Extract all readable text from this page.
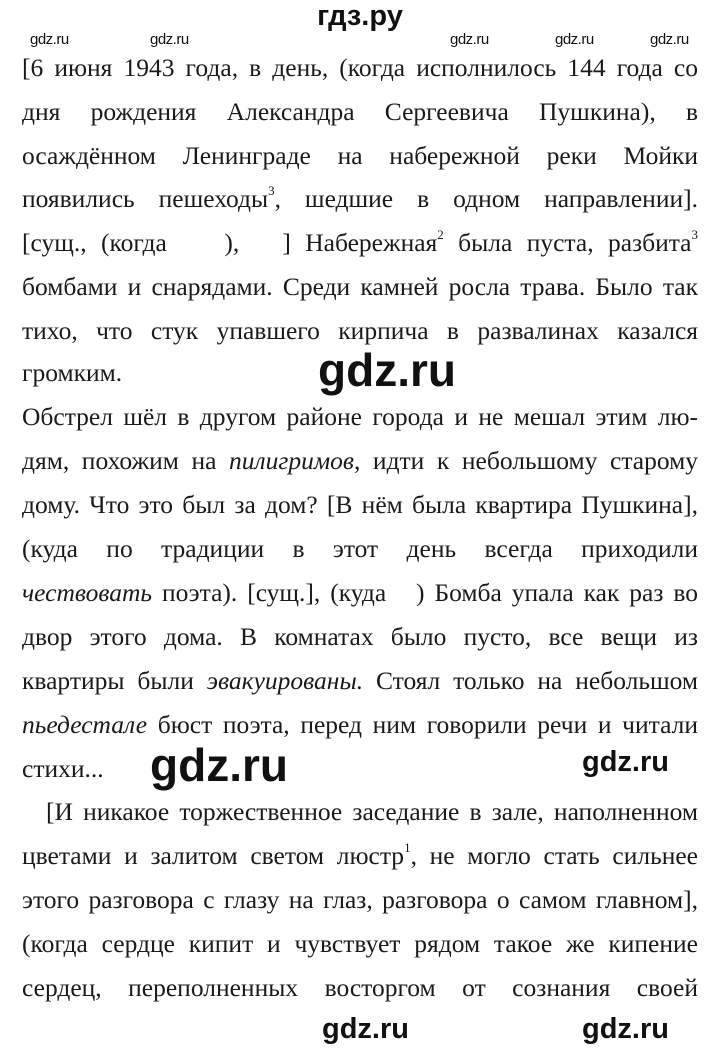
[6 июня 1943 года, в день, (когда исполнилось 144 года со
дня рождения Александра Сергеевича Пушкина), в
осаждённом Ленинграде на набережной реки Мойки
появились пешеходы$^3$, шедшие в одном направлении].
[сущ., (когда    ),   ] Набережная$^2$ была пуста, разбита$^3$
бомбами и снарядами. Среди камней росла трава. Было так
тихо, что стук упавшего кирпича в развалинах казался
громким.
Обстрел шёл в другом районе города и не мешал этим лю-
дям, похожим на пилигримов, идти к небольшому старому
дому. Что это был за дом? [В нём была квартира Пушкина],
(куда по традиции в этот день всегда приходили
чествовать поэта). [сущ.], (куда   ) Бомба упала как раз во
двор этого дома. В комнатах было пусто, все вещи из
квартиры были эвакуированы. Стоял только на небольшом
пьедестале бюст поэта, перед ним говорили речи и читали
стихи...
[И никакое торжественное заседание в зале, наполненном
цветами и залитом светом люстр$^1$, не могло стать сильнее
этого разговора с глазу на глаз, разговора о самом главном],
(когда сердце кипит и чувствует рядом такое же кипение
сердец, переполненных восторгом от сознания своей
гдз.ру
gdz.ru	gdz.ru	gdz.ru	gdz.ru	gdz.ru
gdz.ru
gdz.ru	gdz.ru
gdz.ru	gdz.ru
